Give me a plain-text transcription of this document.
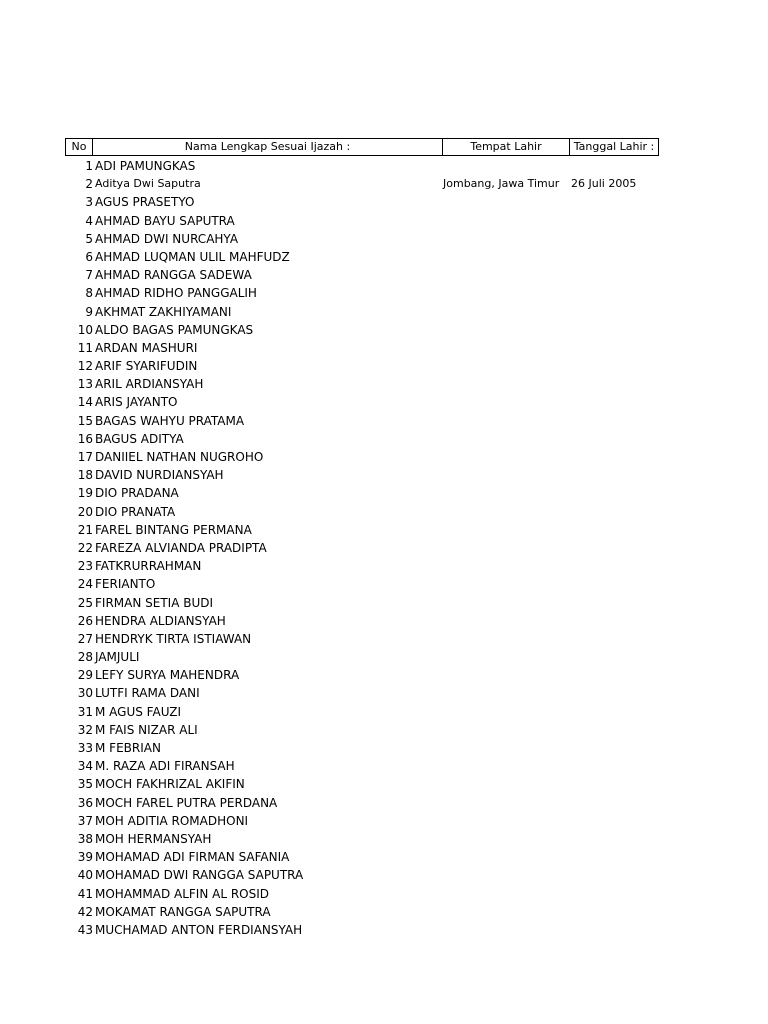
No	Nama Lengkap Sesuai Ijazah :	Tempat Lahir	Tanggal Lahir :
1 ADI PAMUNGKAS
2 Aditya Dwi Saputra	Jombang, Jawa Timur 26 Juli 2005
3 AGUS PRASETYO
4 AHMAD BAYU SAPUTRA
5 AHMAD DWI NURCAHYA
6 AHMAD LUQMAN ULIL MAHFUDZ
7 AHMAD RANGGA SADEWA
8 AHMAD RIDHO PANGGALIH
9 AKHMAT ZAKHIYAMANI
10 ALDO BAGAS PAMUNGKAS
11 ARDAN MASHURI
12 ARIF SYARIFUDIN
13 ARIL ARDIANSYAH
14 ARIS JAYANTO
15 BAGAS WAHYU PRATAMA
16 BAGUS ADITYA
17 DANIIEL NATHAN NUGROHO
18 DAVID NURDIANSYAH
19 DIO PRADANA
20 DIO PRANATA
21 FAREL BINTANG PERMANA
22 FAREZA ALVIANDA PRADIPTA
23 FATKRURRAHMAN
24 FERIANTO
25 FIRMAN SETIA BUDI
26 HENDRA ALDIANSYAH
27 HENDRYK TIRTA ISTIAWAN
28 JAMJULI
29 LEFY SURYA MAHENDRA
30 LUTFI RAMA DANI
31 M AGUS FAUZI
32 M FAIS NIZAR ALI
33 M FEBRIAN
34 M. RAZA ADI FIRANSAH
35 MOCH FAKHRIZAL AKIFIN
36 MOCH FAREL PUTRA PERDANA
37 MOH ADITIA ROMADHONI
38 MOH HERMANSYAH
39 MOHAMAD ADI FIRMAN SAFANIA
40 MOHAMAD DWI RANGGA SAPUTRA
41 MOHAMMAD ALFIN AL ROSID
42 MOKAMAT RANGGA SAPUTRA
43 MUCHAMAD ANTON FERDIANSYAH
